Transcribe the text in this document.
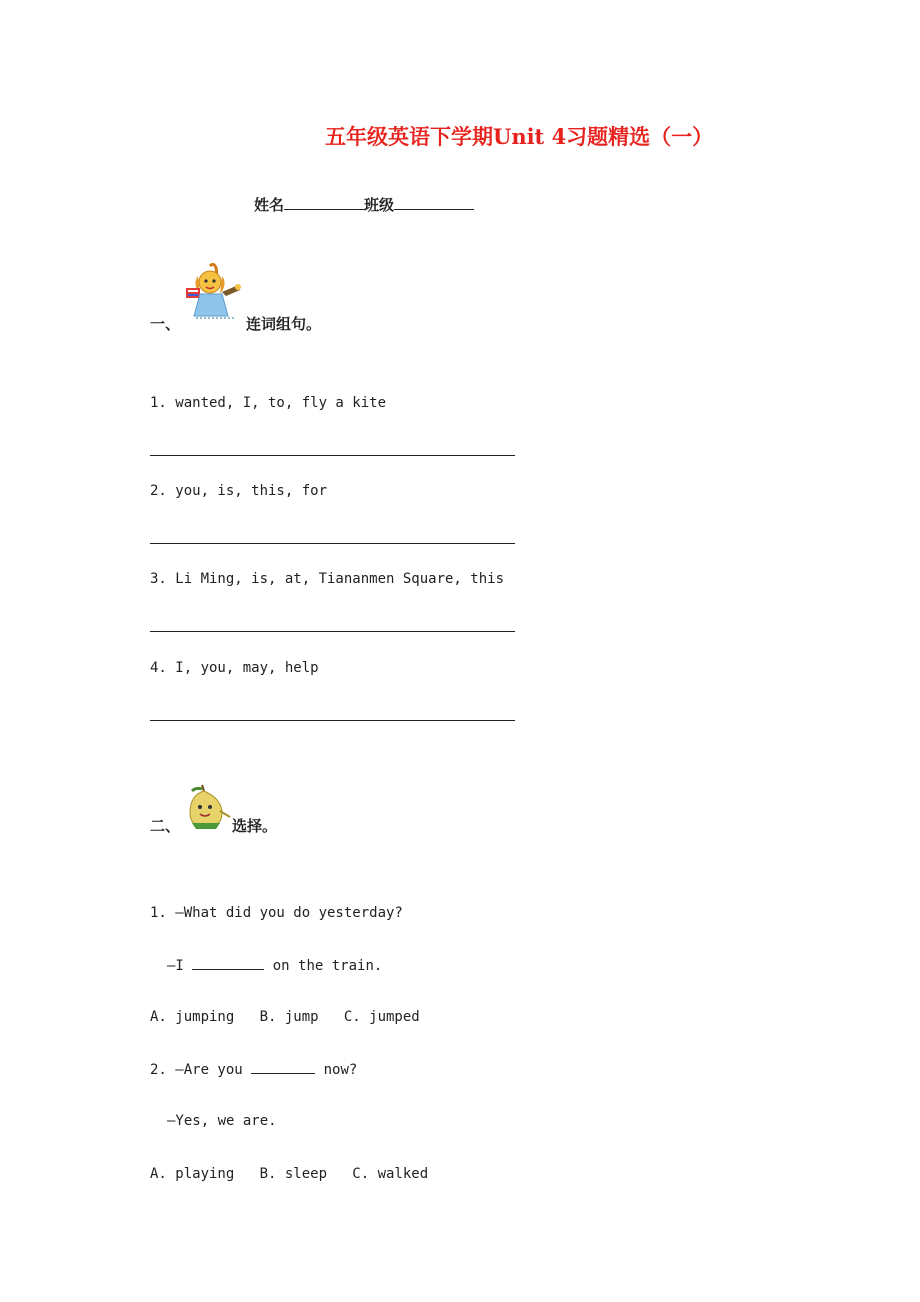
五年级英语下学期Unit 4习题精选（一）
姓名	班级
一、	连词组句。
1. wanted, I, to, fly a kite
2. you, is, this, for
3. Li Ming, is, at, Tiananmen Square, this
4. I, you, may, help
二、	选择。
1. —What did you do yesterday?
—I	on the train.
A. jumping   B. jump   C. jumped
2. —Are you	now?
—Yes, we are.
A. playing   B. sleep   C. walked
